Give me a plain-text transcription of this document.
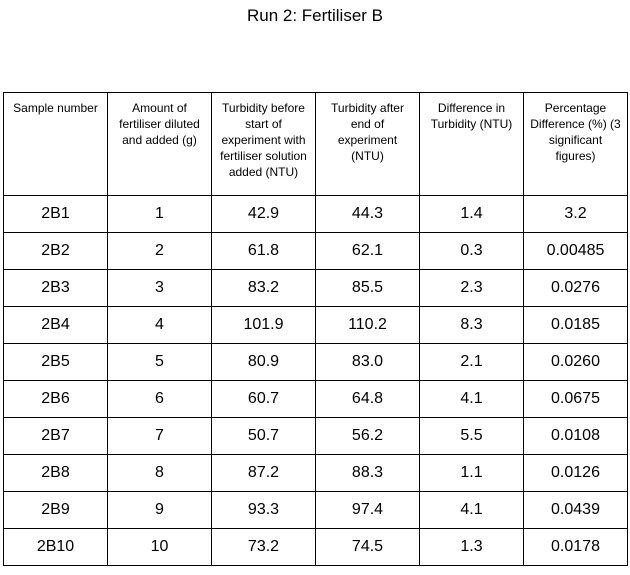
Run 2: Fertiliser B
Sample number	Amount of fertiliser diluted and added (g)	Turbidity before start of experiment with fertiliser solution added (NTU)	Turbidity after end of experiment (NTU)	Difference in Turbidity (NTU)	Percentage Difference (%) (3 significant figures)

2B1	1	42.9	44.3	1.4	3.2
2B2	2	61.8	62.1	0.3	0.00485
2B3	3	83.2	85.5	2.3	0.0276
2B4	4	101.9	110.2	8.3	0.0185
2B5	5	80.9	83.0	2.1	0.0260
2B6	6	60.7	64.8	4.1	0.0675
2B7	7	50.7	56.2	5.5	0.0108
2B8	8	87.2	88.3	1.1	0.0126
2B9	9	93.3	97.4	4.1	0.0439
2B10	10	73.2	74.5	1.3	0.0178
